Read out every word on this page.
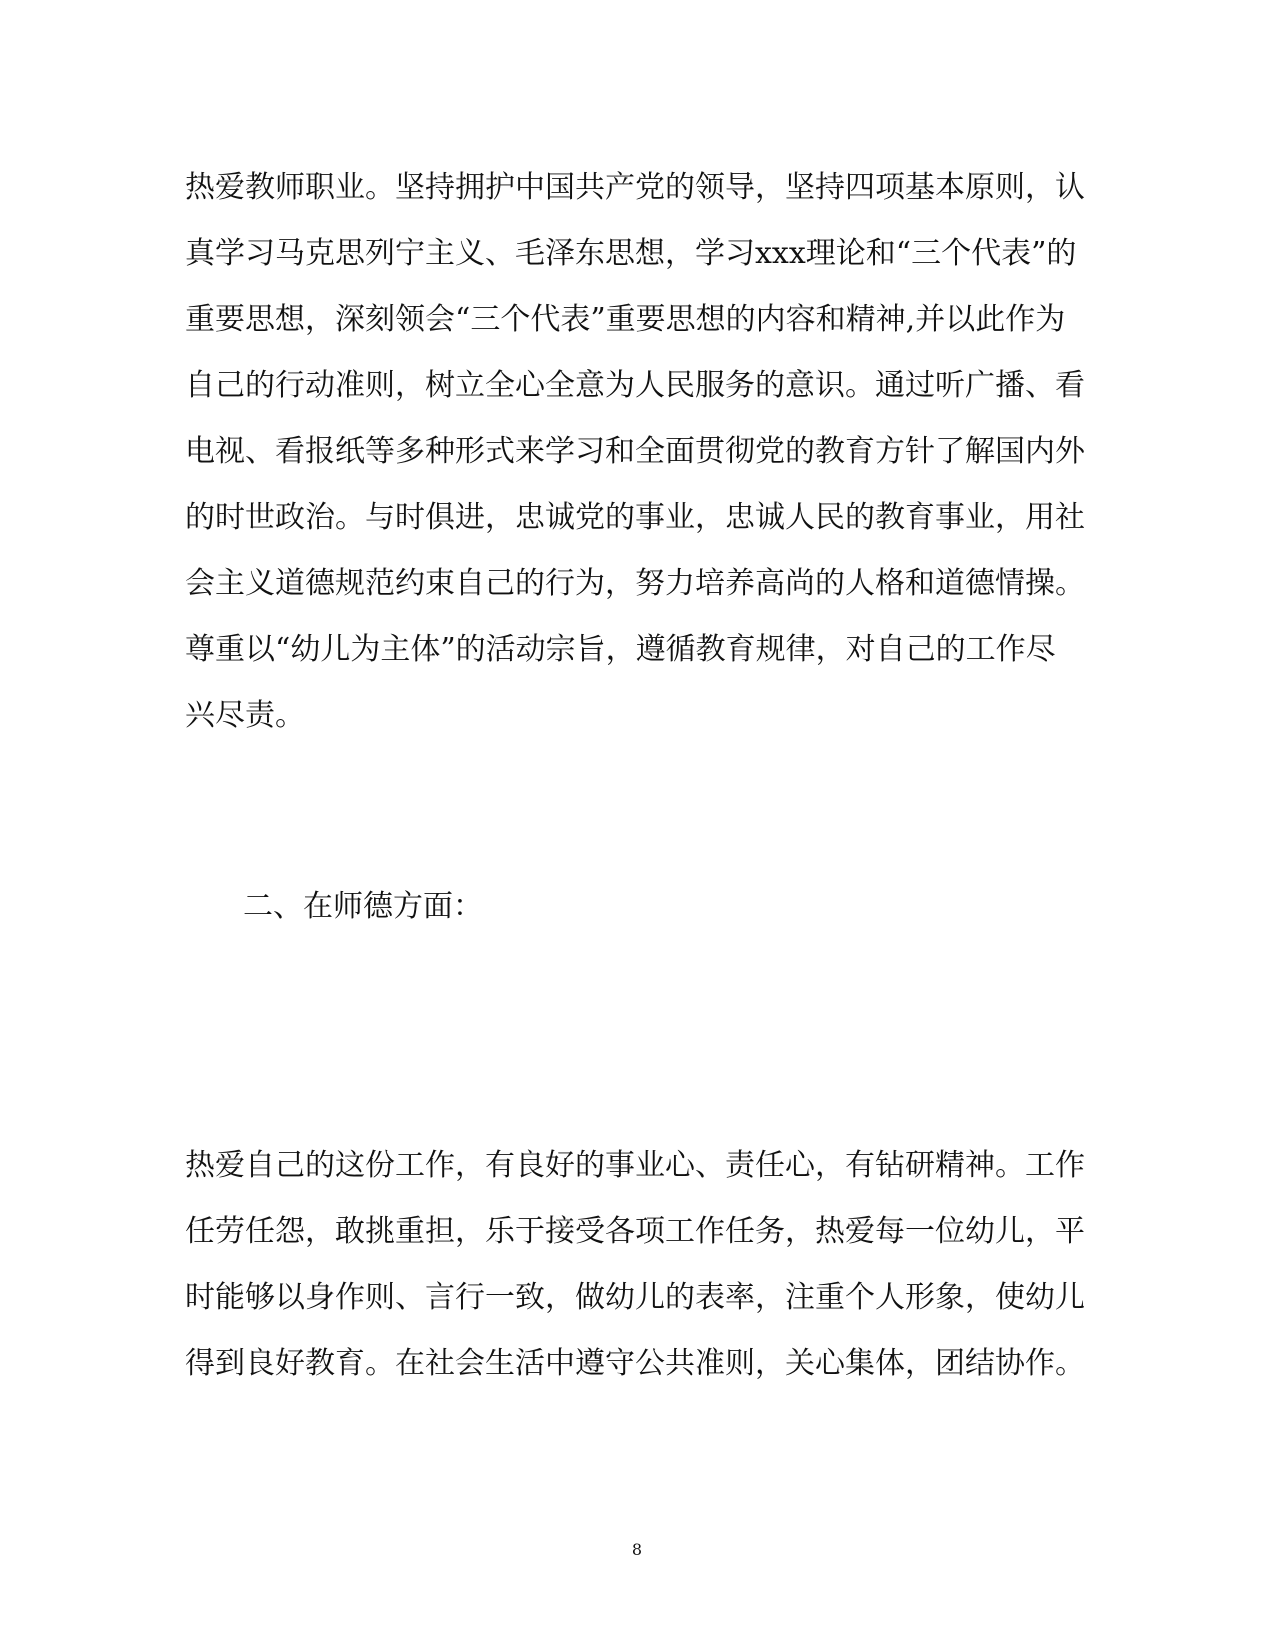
热爱教师职业。坚持拥护中国共产党的领导，坚持四项基本原则，认
真学习马克思列宁主义、毛泽东思想，学习xxx理论和“三个代表”的
重要思想，深刻领会“三个代表”重要思想的内容和精神,并以此作为
自己的行动准则，树立全心全意为人民服务的意识。通过听广播、看
电视、看报纸等多种形式来学习和全面贯彻党的教育方针了解国内外
的时世政治。与时俱进，忠诚党的事业，忠诚人民的教育事业，用社
会主义道德规范约束自己的行为，努力培养高尚的人格和道德情操。
尊重以“幼儿为主体”的活动宗旨，遵循教育规律，对自己的工作尽
兴尽责。
二、在师德方面：
热爱自己的这份工作，有良好的事业心、责任心，有钻研精神。工作
任劳任怨，敢挑重担，乐于接受各项工作任务，热爱每一位幼儿，平
时能够以身作则、言行一致，做幼儿的表率，注重个人形象，使幼儿
得到良好教育。在社会生活中遵守公共准则，关心集体，团结协作。
8
